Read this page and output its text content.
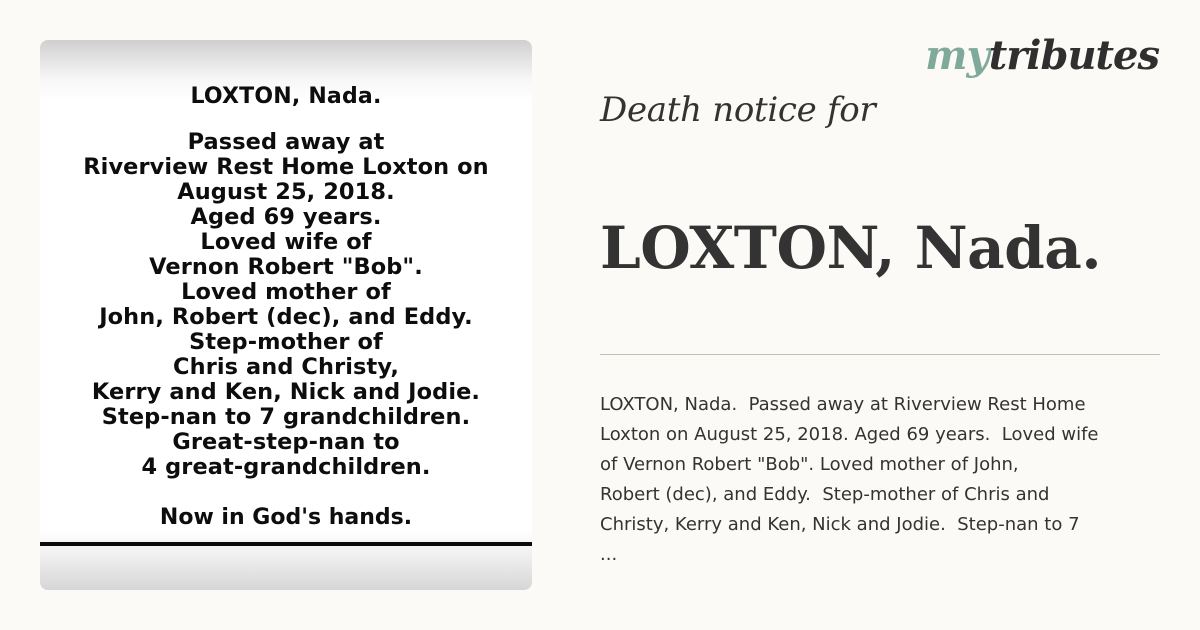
LOXTON, Nada.
Passed away at
Riverview Rest Home Loxton on
August 25, 2018.
Aged 69 years.
Loved wife of
Vernon Robert "Bob".
Loved mother of
John, Robert (dec), and Eddy.
Step-mother of
Chris and Christy,
Kerry and Ken, Nick and Jodie.
Step-nan to 7 grandchildren.
Great-step-nan to
4 great-grandchildren.
Now in God's hands.
mytributes
Death notice for
LOXTON, Nada.
LOXTON, Nada.  Passed away at Riverview Rest Home
Loxton on August 25, 2018. Aged 69 years.  Loved wife
of Vernon Robert "Bob". Loved mother of John,
Robert (dec), and Eddy.  Step-mother of Chris and
Christy, Kerry and Ken, Nick and Jodie.  Step-nan to 7
...
